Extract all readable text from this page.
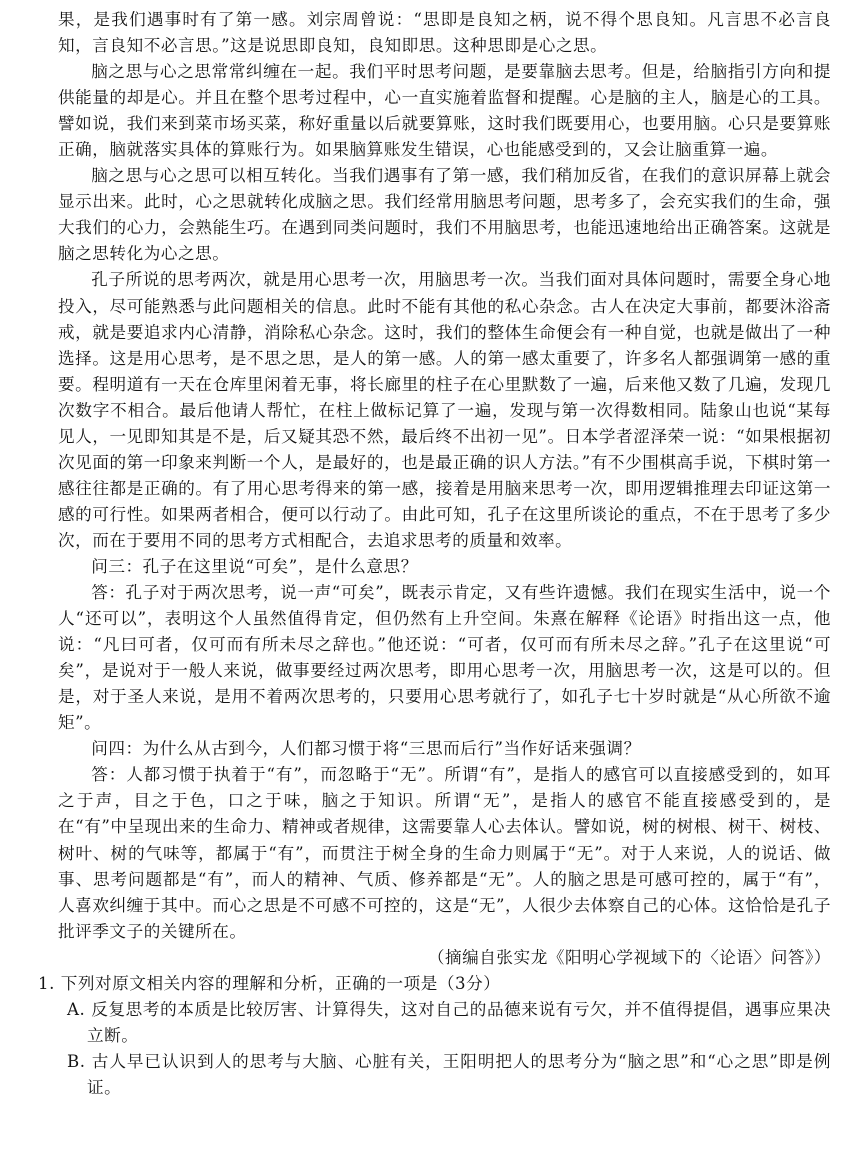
果，是我们遇事时有了第一感。刘宗周曾说：“思即是良知之柄，说不得个思良知。凡言思不必言良知，言良知不必言思。”这是说思即良知，良知即思。这种思即是心之思。

脑之思与心之思常常纠缠在一起。我们平时思考问题，是要靠脑去思考。但是，给脑指引方向和提供能量的却是心。并且在整个思考过程中，心一直实施着监督和提醒。心是脑的主人，脑是心的工具。譬如说，我们来到菜市场买菜，称好重量以后就要算账，这时我们既要用心，也要用脑。心只是要算账正确，脑就落实具体的算账行为。如果脑算账发生错误，心也能感受到的，又会让脑重算一遍。

脑之思与心之思可以相互转化。当我们遇事有了第一感，我们稍加反省，在我们的意识屏幕上就会显示出来。此时，心之思就转化成脑之思。我们经常用脑思考问题，思考多了，会充实我们的生命，强大我们的心力，会熟能生巧。在遇到同类问题时，我们不用脑思考，也能迅速地给出正确答案。这就是脑之思转化为心之思。

孔子所说的思考两次，就是用心思考一次，用脑思考一次。当我们面对具体问题时，需要全身心地投入，尽可能熟悉与此问题相关的信息。此时不能有其他的私心杂念。古人在决定大事前，都要沐浴斋戒，就是要追求内心清静，消除私心杂念。这时，我们的整体生命便会有一种自觉，也就是做出了一种选择。这是用心思考，是不思之思，是人的第一感。人的第一感太重要了，许多名人都强调第一感的重要。程明道有一天在仓库里闲着无事，将长廊里的柱子在心里默数了一遍，后来他又数了几遍，发现几次数字不相合。最后他请人帮忙，在柱上做标记算了一遍，发现与第一次得数相同。陆象山也说“某每见人，一见即知其是不是，后又疑其恐不然，最后终不出初一见”。日本学者涩泽荣一说：“如果根据初次见面的第一印象来判断一个人，是最好的，也是最正确的识人方法。”有不少围棋高手说，下棋时第一感往往都是正确的。有了用心思考得来的第一感，接着是用脑来思考一次，即用逻辑推理去印证这第一感的可行性。如果两者相合，便可以行动了。由此可知，孔子在这里所谈论的重点，不在于思考了多少次，而在于要用不同的思考方式相配合，去追求思考的质量和效率。

问三：孔子在这里说“可矣”，是什么意思？

答：孔子对于两次思考，说一声“可矣”，既表示肯定，又有些许遗憾。我们在现实生活中，说一个人“还可以”，表明这个人虽然值得肯定，但仍然有上升空间。朱熹在解释《论语》时指出这一点，他说：“凡曰可者，仅可而有所未尽之辞也。”他还说：“可者，仅可而有所未尽之辞。”孔子在这里说“可矣”，是说对于一般人来说，做事要经过两次思考，即用心思考一次，用脑思考一次，这是可以的。但是，对于圣人来说，是用不着两次思考的，只要用心思考就行了，如孔子七十岁时就是“从心所欲不逾矩”。

问四：为什么从古到今，人们都习惯于将“三思而后行”当作好话来强调？

答：人都习惯于执着于“有”，而忽略于“无”。所谓“有”，是指人的感官可以直接感受到的，如耳之于声，目之于色，口之于味，脑之于知识。所谓“无”，是指人的感官不能直接感受到的，是在“有”中呈现出来的生命力、精神或者规律，这需要靠人心去体认。譬如说，树的树根、树干、树枝、树叶、树的气味等，都属于“有”，而贯注于树全身的生命力则属于“无”。对于人来说，人的说话、做事、思考问题都是“有”，而人的精神、气质、修养都是“无”。人的脑之思是可感可控的，属于“有”，人喜欢纠缠于其中。而心之思是不可感不可控的，这是“无”，人很少去体察自己的心体。这恰恰是孔子批评季文子的关键所在。

（摘编自张实龙《阳明心学视域下的〈论语〉问答》）

1. 下列对原文相关内容的理解和分析，正确的一项是（3分）

A. 反复思考的本质是比较厉害、计算得失，这对自己的品德来说有亏欠，并不值得提倡，遇事应果决立断。

B. 古人早已认识到人的思考与大脑、心脏有关，王阳明把人的思考分为“脑之思”和“心之思”即是例证。
